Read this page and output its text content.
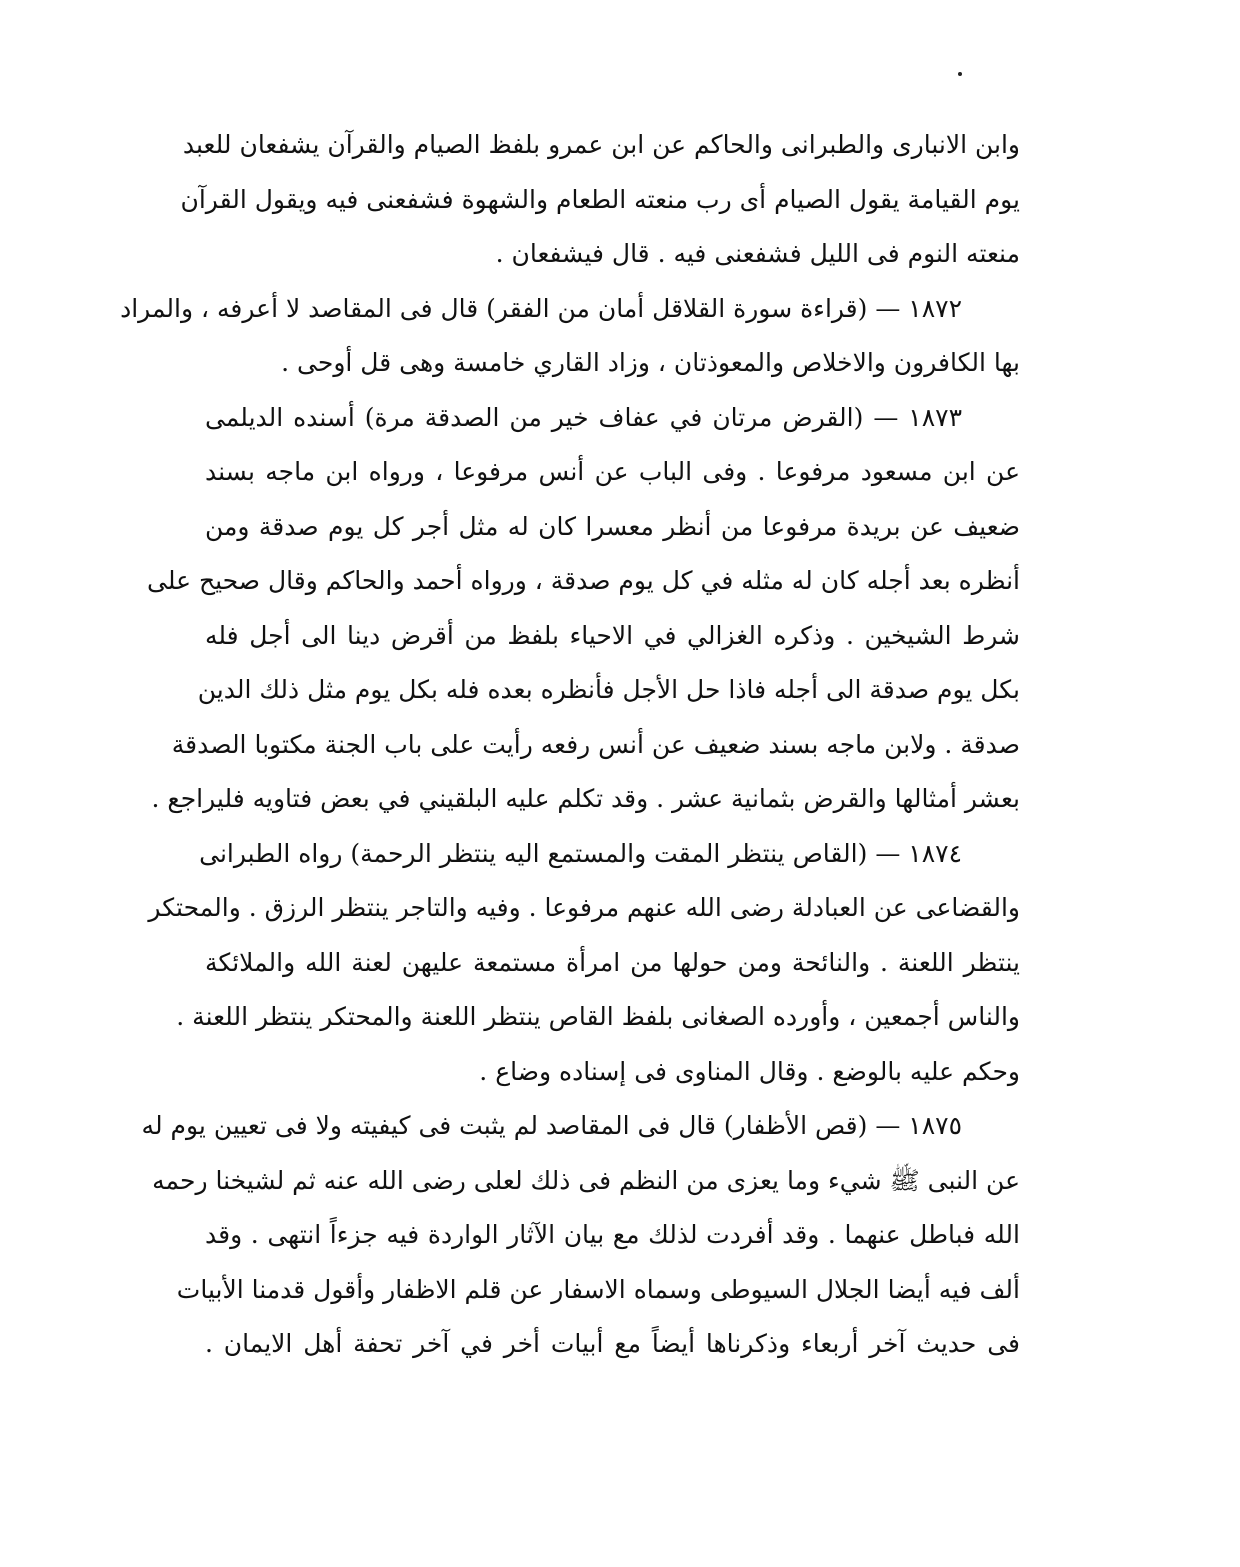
وابن الانبارى والطبرانى والحاكم عن ابن عمرو بلفظ الصيام والقرآن يشفعان للعبد
يوم القيامة يقول الصيام أى رب منعته الطعام والشهوة فشفعنى فيه ويقول القرآن
منعته النوم فى الليل فشفعنى فيه . قال فيشفعان .
١٨٧٢ — (قراءة سورة القلاقل أمان من الفقر) قال فى المقاصد لا أعرفه ، والمراد
بها الكافرون والاخلاص والمعوذتان ، وزاد القاري خامسة وهى قل أوحى .
١٨٧٣ — (القرض مرتان في عفاف خير من الصدقة مرة) أسنده الديلمى
عن ابن مسعود مرفوعا . وفى الباب عن أنس مرفوعا ، ورواه ابن ماجه بسند
ضعيف عن بريدة مرفوعا من أنظر معسرا كان له مثل أجر كل يوم صدقة ومن
أنظره بعد أجله كان له مثله في كل يوم صدقة ، ورواه أحمد والحاكم وقال صحيح على
شرط الشيخين . وذكره الغزالي في الاحياء بلفظ من أقرض دينا الى أجل فله
بكل يوم صدقة الى أجله فاذا حل الأجل فأنظره بعده فله بكل يوم مثل ذلك الدين
صدقة . ولابن ماجه بسند ضعيف عن أنس رفعه رأيت على باب الجنة مكتوبا الصدقة
بعشر أمثالها والقرض بثمانية عشر . وقد تكلم عليه البلقيني في بعض فتاويه فليراجع .
١٨٧٤ — (القاص ينتظر المقت والمستمع اليه ينتظر الرحمة) رواه الطبرانى
والقضاعى عن العبادلة رضى الله عنهم مرفوعا . وفيه والتاجر ينتظر الرزق . والمحتكر
ينتظر اللعنة . والنائحة ومن حولها من امرأة مستمعة عليهن لعنة الله والملائكة
والناس أجمعين ، وأورده الصغانى بلفظ القاص ينتظر اللعنة والمحتكر ينتظر اللعنة .
وحكم عليه بالوضع . وقال المناوى فى إسناده وضاع .
١٨٧٥ — (قص الأظفار) قال فى المقاصد لم يثبت فى كيفيته ولا فى تعيين يوم له
عن النبى ﷺ شيء وما يعزى من النظم فى ذلك لعلى رضى الله عنه ثم لشيخنا رحمه
الله فباطل عنهما . وقد أفردت لذلك مع بيان الآثار الواردة فيه جزءاً انتهى . وقد
ألف فيه أيضا الجلال السيوطى وسماه الاسفار عن قلم الاظفار وأقول قدمنا الأبيات
فى حديث آخر أربعاء وذكرناها أيضاً مع أبيات أخر في آخر تحفة أهل الايمان .
